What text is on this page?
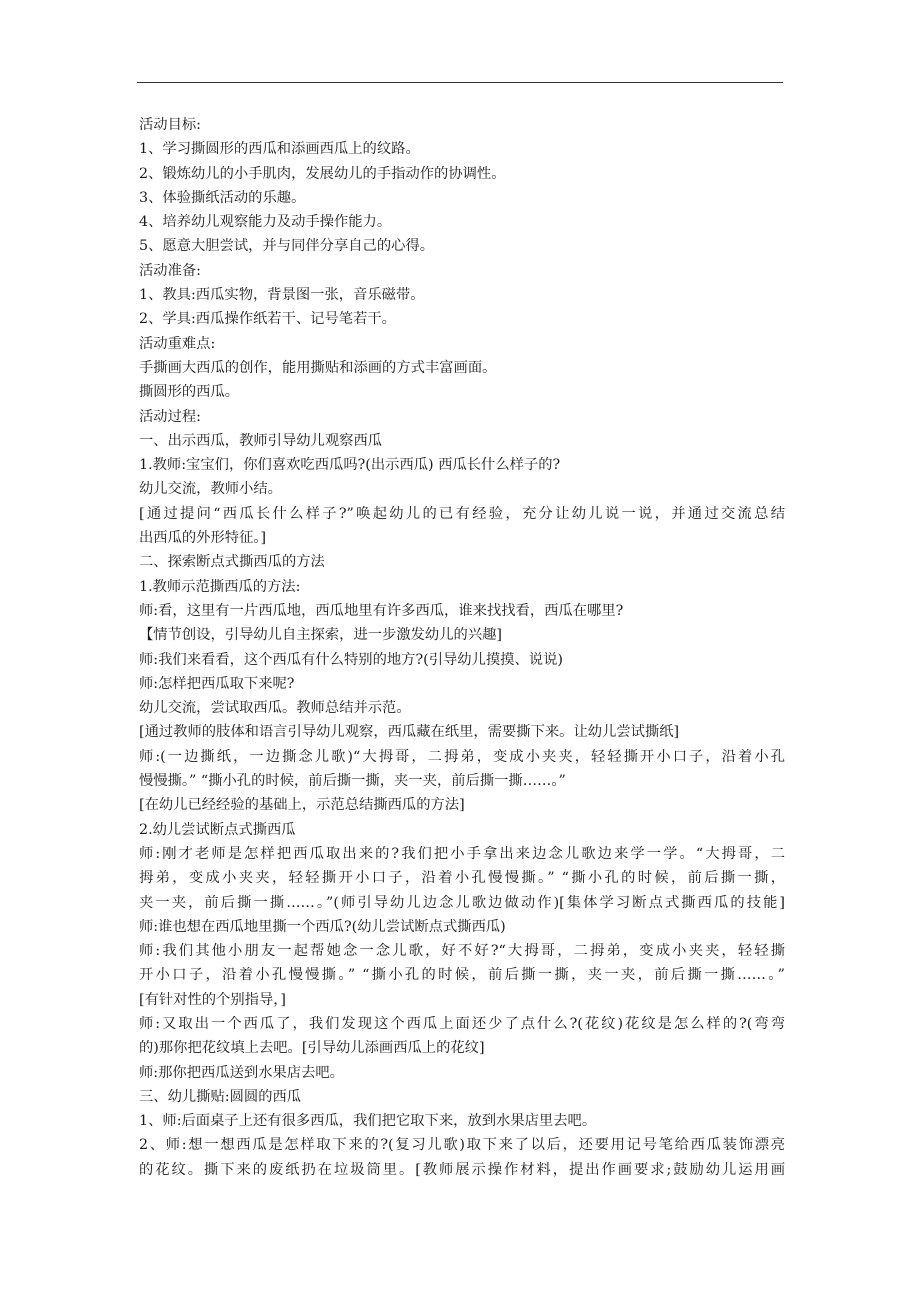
活动目标:
1、学习撕圆形的西瓜和添画西瓜上的纹路。
2、锻炼幼儿的小手肌肉，发展幼儿的手指动作的协调性。
3、体验撕纸活动的乐趣。
4、培养幼儿观察能力及动手操作能力。
5、愿意大胆尝试，并与同伴分享自己的心得。
活动准备:
1、教具:西瓜实物，背景图一张，音乐磁带。
2、学具:西瓜操作纸若干、记号笔若干。
活动重难点:
手撕画大西瓜的创作，能用撕贴和添画的方式丰富画面。
撕圆形的西瓜。
活动过程:
一、出示西瓜，教师引导幼儿观察西瓜
1.教师:宝宝们，你们喜欢吃西瓜吗?(出示西瓜) 西瓜长什么样子的?
幼儿交流，教师小结。
[通过提问“西瓜长什么样子?”唤起幼儿的已有经验，充分让幼儿说一说，并通过交流总结
出西瓜的外形特征。]
二、探索断点式撕西瓜的方法
1.教师示范撕西瓜的方法:
师:看，这里有一片西瓜地，西瓜地里有许多西瓜，谁来找找看，西瓜在哪里?
【情节创设，引导幼儿自主探索，进一步激发幼儿的兴趣]
师:我们来看看，这个西瓜有什么特别的地方?(引导幼儿摸摸、说说)
师:怎样把西瓜取下来呢?
幼儿交流，尝试取西瓜。教师总结并示范。
[通过教师的肢体和语言引导幼儿观察，西瓜藏在纸里，需要撕下来。让幼儿尝试撕纸]
师:(一边撕纸，一边撕念儿歌)“大拇哥，二拇弟，变成小夹夹，轻轻撕开小口子，沿着小孔
慢慢撕。” “撕小孔的时候，前后撕一撕，夹一夹，前后撕一撕……。”
[在幼儿已经经验的基础上，示范总结撕西瓜的方法]
2.幼儿尝试断点式撕西瓜
师:刚才老师是怎样把西瓜取出来的?我们把小手拿出来边念儿歌边来学一学。“大拇哥，二
拇弟，变成小夹夹，轻轻撕开小口子，沿着小孔慢慢撕。” “撕小孔的时候，前后撕一撕，
夹一夹，前后撕一撕……。”(师引导幼儿边念儿歌边做动作)[集体学习断点式撕西瓜的技能]
师:谁也想在西瓜地里撕一个西瓜?(幼儿尝试断点式撕西瓜)
师:我们其他小朋友一起帮她念一念儿歌，好不好?“大拇哥，二拇弟，变成小夹夹，轻轻撕
开小口子，沿着小孔慢慢撕。” “撕小孔的时候，前后撕一撕，夹一夹，前后撕一撕……。”
[有针对性的个别指导，]
师:又取出一个西瓜了，我们发现这个西瓜上面还少了点什么?(花纹)花纹是怎么样的?(弯弯
的)那你把花纹填上去吧。[引导幼儿添画西瓜上的花纹]
师:那你把西瓜送到水果店去吧。
三、幼儿撕贴:圆圆的西瓜
1、师:后面桌子上还有很多西瓜，我们把它取下来，放到水果店里去吧。
2、师:想一想西瓜是怎样取下来的?(复习儿歌)取下来了以后，还要用记号笔给西瓜装饰漂亮
的花纹。撕下来的废纸扔在垃圾筒里。[教师展示操作材料，提出作画要求;鼓励幼儿运用画
